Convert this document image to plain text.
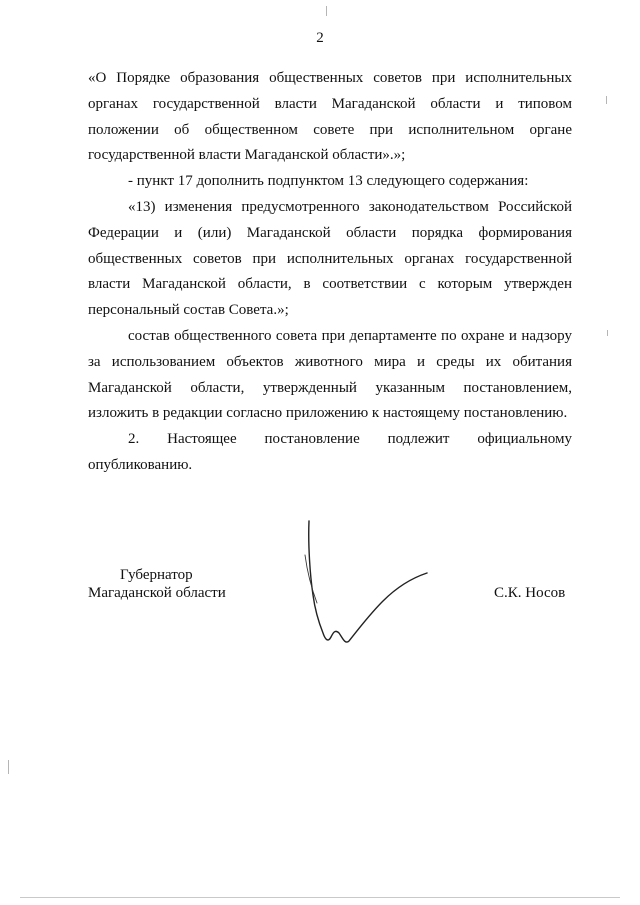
2

«О Порядке образования общественных советов при исполнительных органах государственной власти Магаданской области и типовом положении об общественном совете при исполнительном органе государственной власти Магаданской области».»;

- пункт 17 дополнить подпунктом 13 следующего содержания:

«13) изменения предусмотренного законодательством Российской Федерации и (или) Магаданской области порядка формирования общественных советов при исполнительных органах государственной власти Магаданской области, в соответствии с которым утвержден персональный состав Совета.»;

состав общественного совета при департаменте по охране и надзору за использованием объектов животного мира и среды их обитания Магаданской области, утвержденный указанным постановлением, изложить в редакции согласно приложению к настоящему постановлению.

2. Настоящее постановление подлежит официальному опубликованию.

Губернатор
Магаданской области	С.К. Носов
